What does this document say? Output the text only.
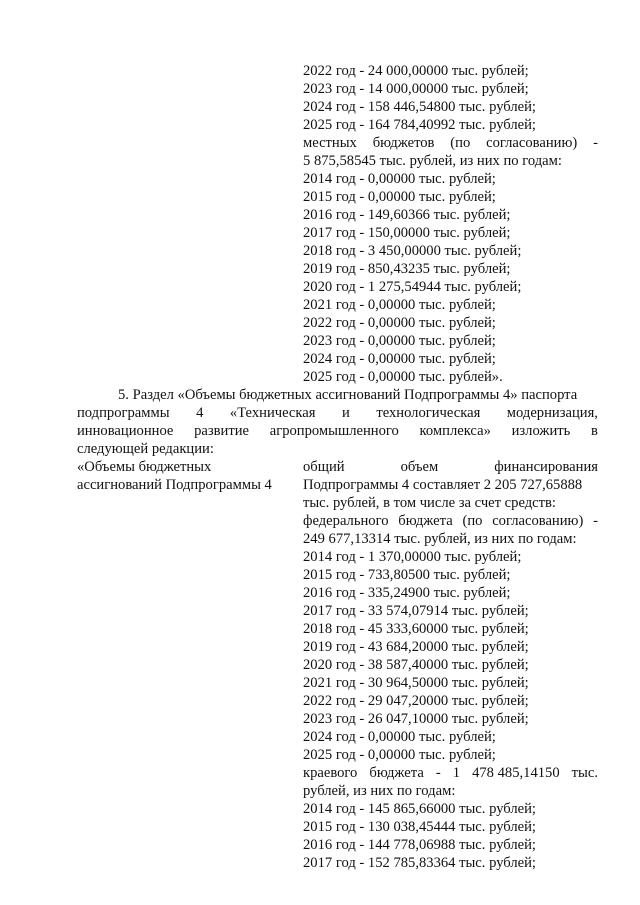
2022 год - 24 000,00000 тыс. рублей;
2023 год - 14 000,00000 тыс. рублей;
2024 год - 158 446,54800 тыс. рублей;
2025 год - 164 784,40992 тыс. рублей;
местных бюджетов (по согласованию) -
5 875,58545 тыс. рублей, из них по годам:
2014 год - 0,00000 тыс. рублей;
2015 год - 0,00000 тыс. рублей;
2016 год - 149,60366 тыс. рублей;
2017 год - 150,00000 тыс. рублей;
2018 год - 3 450,00000 тыс. рублей;
2019 год - 850,43235 тыс. рублей;
2020 год - 1 275,54944 тыс. рублей;
2021 год - 0,00000 тыс. рублей;
2022 год - 0,00000 тыс. рублей;
2023 год - 0,00000 тыс. рублей;
2024 год - 0,00000 тыс. рублей;
2025 год - 0,00000 тыс. рублей».
5. Раздел «Объемы бюджетных ассигнований Подпрограммы 4» паспорта
подпрограммы 4 «Техническая и технологическая модернизация,
инновационное развитие агропромышленного комплекса» изложить в
следующей редакции:
«Объемы бюджетных
ассигнований Подпрограммы 4
общий	объем	финансирования
Подпрограммы 4 составляет 2 205 727,65888
тыс. рублей, в том числе за счет средств:
федерального бюджета (по согласованию) -
249 677,13314 тыс. рублей, из них по годам:
2014 год - 1 370,00000 тыс. рублей;
2015 год - 733,80500 тыс. рублей;
2016 год - 335,24900 тыс. рублей;
2017 год - 33 574,07914 тыс. рублей;
2018 год - 45 333,60000 тыс. рублей;
2019 год - 43 684,20000 тыс. рублей;
2020 год - 38 587,40000 тыс. рублей;
2021 год - 30 964,50000 тыс. рублей;
2022 год - 29 047,20000 тыс. рублей;
2023 год - 26 047,10000 тыс. рублей;
2024 год - 0,00000 тыс. рублей;
2025 год - 0,00000 тыс. рублей;
краевого бюджета - 1 478 485,14150 тыс.
рублей, из них по годам:
2014 год - 145 865,66000 тыс. рублей;
2015 год - 130 038,45444 тыс. рублей;
2016 год - 144 778,06988 тыс. рублей;
2017 год - 152 785,83364 тыс. рублей;
